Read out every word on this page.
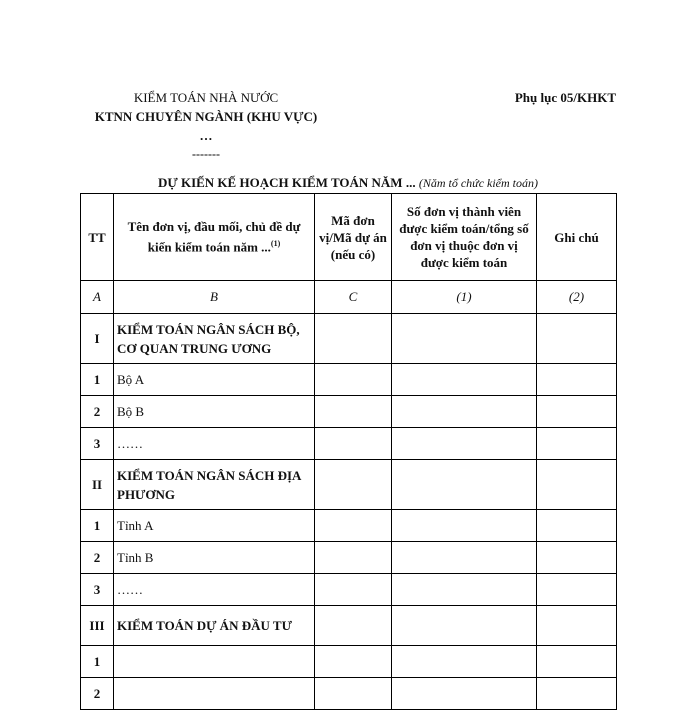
KIỂM TOÁN NHÀ NƯỚC
KTNN CHUYÊN NGÀNH (KHU VỰC)
…
-------
Phụ lục 05/KHKT
DỰ KIẾN KẾ HOẠCH KIỂM TOÁN NĂM ... (Năm tổ chức kiểm toán)
TT	Tên đơn vị, đầu mối, chủ đề dự kiến kiểm toán năm ...$^{(1)}$	Mã đơn vị/Mã dự án (nếu có)	Số đơn vị thành viên được kiểm toán/tổng số đơn vị thuộc đơn vị được kiểm toán	Ghi chú
A	B	C	(1)	(2)
I	KIỂM TOÁN NGÂN SÁCH BỘ, CƠ QUAN TRUNG ƯƠNG			
1	Bộ A			
2	Bộ B			
3	……			
II	KIỂM TOÁN NGÂN SÁCH ĐỊA PHƯƠNG			
1	Tỉnh A			
2	Tỉnh B			
3	……			
III	KIỂM TOÁN DỰ ÁN ĐẦU TƯ			
1				
2				
